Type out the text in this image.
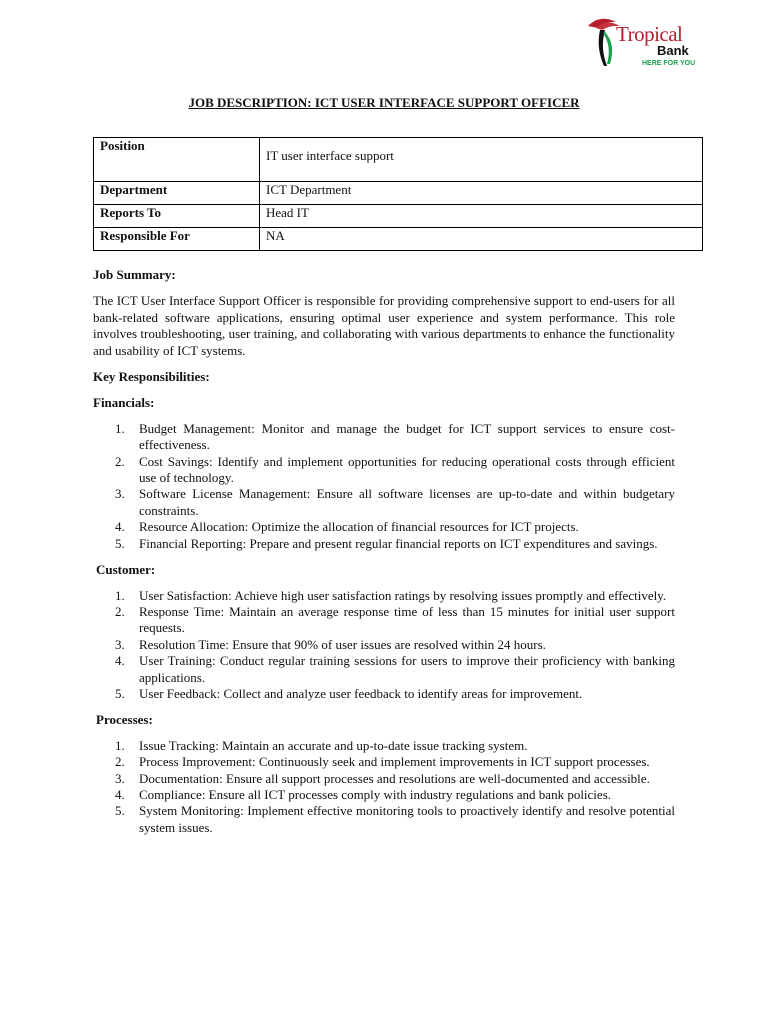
Tropical
Bank
HERE FOR YOU
JOB DESCRIPTION: ICT USER INTERFACE SUPPORT OFFICER
Position	IT user interface support
Department	ICT Department
Reports To	Head IT
Responsible For	NA
Job Summary:

The ICT User Interface Support Officer is responsible for providing comprehensive support to end-users for all bank-related software applications, ensuring optimal user experience and system performance. This role involves troubleshooting, user training, and collaborating with various departments to enhance the functionality and usability of ICT systems.

Key Responsibilities:
Financials:
1. Budget Management: Monitor and manage the budget for ICT support services to ensure cost-effectiveness.
2. Cost Savings: Identify and implement opportunities for reducing operational costs through efficient use of technology.
3. Software License Management: Ensure all software licenses are up-to-date and within budgetary constraints.
4. Resource Allocation: Optimize the allocation of financial resources for ICT projects.
5. Financial Reporting: Prepare and present regular financial reports on ICT expenditures and savings.
Customer:
1. User Satisfaction: Achieve high user satisfaction ratings by resolving issues promptly and effectively.
2. Response Time: Maintain an average response time of less than 15 minutes for initial user support requests.
3. Resolution Time: Ensure that 90% of user issues are resolved within 24 hours.
4. User Training: Conduct regular training sessions for users to improve their proficiency with banking applications.
5. User Feedback: Collect and analyze user feedback to identify areas for improvement.
Processes:
1. Issue Tracking: Maintain an accurate and up-to-date issue tracking system.
2. Process Improvement: Continuously seek and implement improvements in ICT support processes.
3. Documentation: Ensure all support processes and resolutions are well-documented and accessible.
4. Compliance: Ensure all ICT processes comply with industry regulations and bank policies.
5. System Monitoring: Implement effective monitoring tools to proactively identify and resolve potential system issues.
